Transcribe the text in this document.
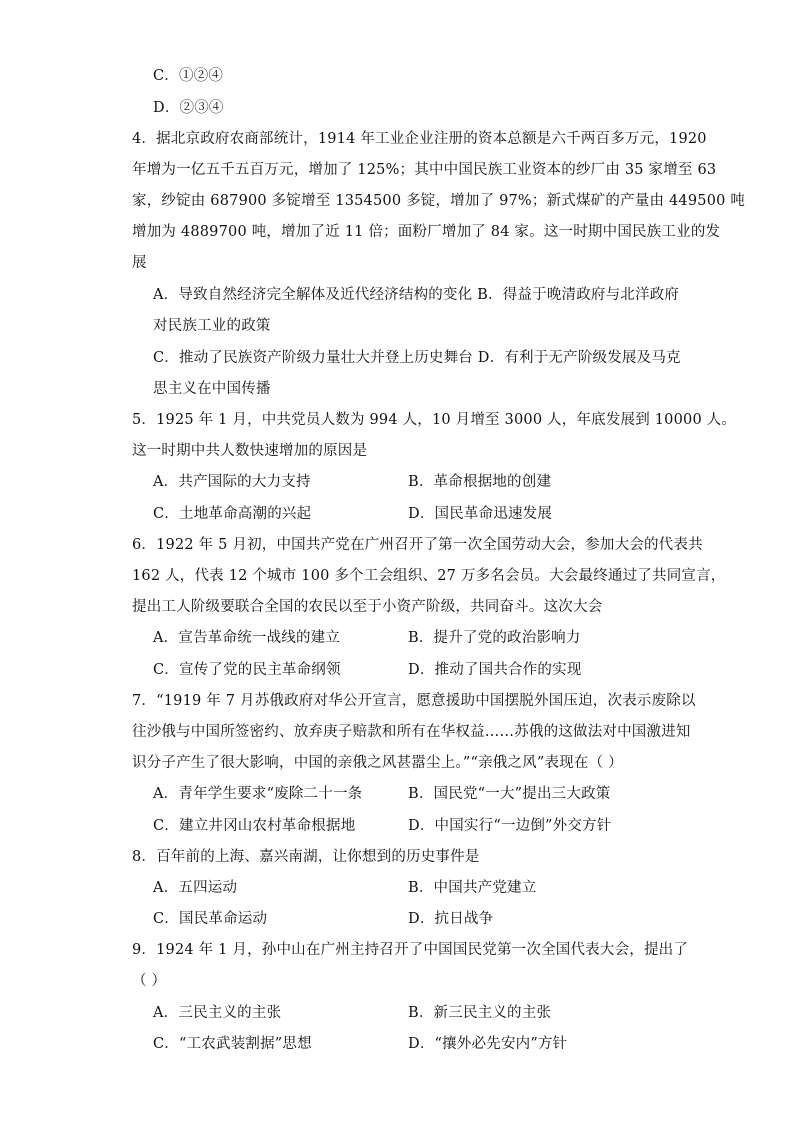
C．①②④
D．②③④
4．据北京政府农商部统计，1914 年工业企业注册的资本总额是六千两百多万元，1920
年增为一亿五千五百万元，增加了 125%；其中中国民族工业资本的纱厂由 35 家增至 63
家，纱锭由 687900 多锭增至 1354500 多锭，增加了 97%；新式煤矿的产量由 449500 吨
增加为 4889700 吨，增加了近 11 倍；面粉厂增加了 84 家。这一时期中国民族工业的发
展
A．导致自然经济完全解体及近代经济结构的变化 B．得益于晚清政府与北洋政府
对民族工业的政策
C．推动了民族资产阶级力量壮大并登上历史舞台 D．有利于无产阶级发展及马克
思主义在中国传播
5．1925 年 1 月，中共党员人数为 994 人，10 月增至 3000 人，年底发展到 10000 人。
这一时期中共人数快速增加的原因是
A．共产国际的大力支持	B．革命根据地的创建
C．土地革命高潮的兴起	D．国民革命迅速发展
6．1922 年 5 月初，中国共产党在广州召开了第一次全国劳动大会，参加大会的代表共
162 人，代表 12 个城市 100 多个工会组织、27 万多名会员。大会最终通过了共同宣言，
提出工人阶级要联合全国的农民以至于小资产阶级，共同奋斗。这次大会
A．宣告革命统一战线的建立	B．提升了党的政治影响力
C．宣传了党的民主革命纲领	D．推动了国共合作的实现
7．“1919 年 7 月苏俄政府对华公开宣言，愿意援助中国摆脱外国压迫，次表示废除以
往沙俄与中国所签密约、放弃庚子赔款和所有在华权益……苏俄的这做法对中国激进知
识分子产生了很大影响，中国的亲俄之风甚嚣尘上。”“亲俄之风”表现在（ ）
A．青年学生要求“废除二十一条	B．国民党“一大”提出三大政策
C．建立井冈山农村革命根据地	D．中国实行“一边倒”外交方针
8．百年前的上海、嘉兴南湖，让你想到的历史事件是
A．五四运动	B．中国共产党建立
C．国民革命运动	D．抗日战争
9．1924 年 1 月，孙中山在广州主持召开了中国国民党第一次全国代表大会，提出了
（ ）
A．三民主义的主张	B．新三民主义的主张
C．“工农武装割据”思想	D．“攘外必先安内”方针
